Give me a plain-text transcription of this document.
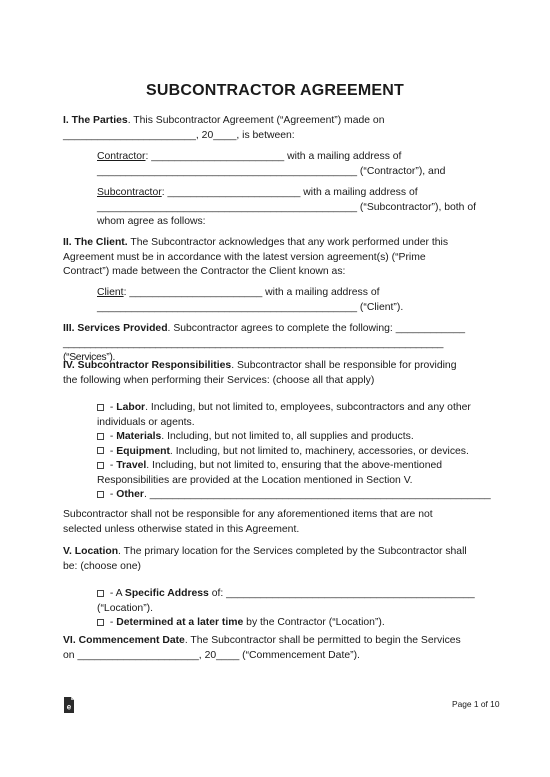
SUBCONTRACTOR AGREEMENT
I. The Parties. This Subcontractor Agreement (“Agreement”) made on
_______________________, 20____, is between:
Contractor: _______________________ with a mailing address of
_____________________________________________ (“Contractor”), and
Subcontractor: _______________________ with a mailing address of
_____________________________________________ (“Subcontractor”), both of
whom agree as follows:
II. The Client. The Subcontractor acknowledges that any work performed under this
Agreement must be in accordance with the latest version agreement(s) (“Prime
Contract”) made between the Contractor the Client known as:
Client: _______________________ with a mailing address of
_____________________________________________ (“Client”).
III. Services Provided. Subcontractor agrees to complete the following: ____________
______________________________________________________________________ (“Services”).
IV. Subcontractor Responsibilities. Subcontractor shall be responsible for providing
the following when performing their Services: (choose all that apply)
- Labor. Including, but not limited to, employees, subcontractors and any other
individuals or agents.
- Materials. Including, but not limited to, all supplies and products.
- Equipment. Including, but not limited to, machinery, accessories, or devices.
- Travel. Including, but not limited to, ensuring that the above-mentioned
Responsibilities are provided at the Location mentioned in Section V.
- Other. ___________________________________________________________
Subcontractor shall not be responsible for any aforementioned items that are not
selected unless otherwise stated in this Agreement.
V. Location. The primary location for the Services completed by the Subcontractor shall
be: (choose one)
- A Specific Address of: ___________________________________________
(“Location”).
- Determined at a later time by the Contractor (“Location”).
VI. Commencement Date. The Subcontractor shall be permitted to begin the Services
on _____________________, 20____ (“Commencement Date”).
e	Page 1 of 10
